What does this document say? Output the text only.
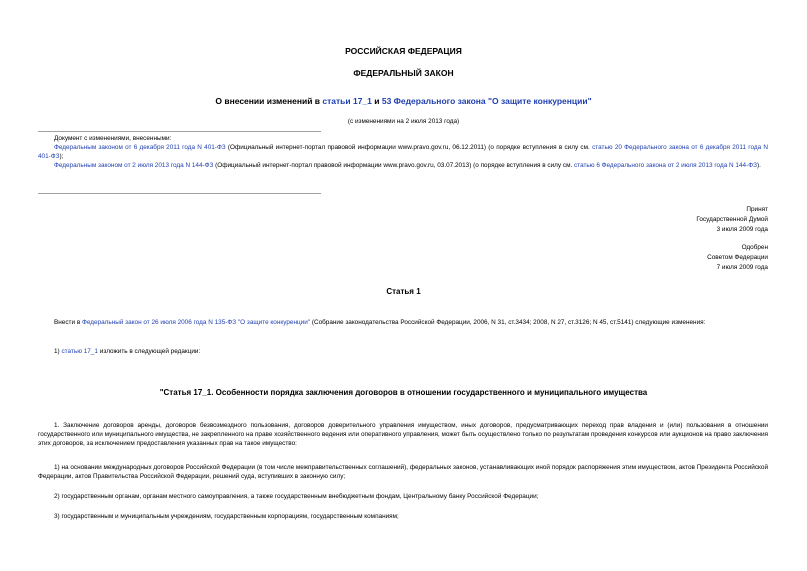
РОССИЙСКАЯ ФЕДЕРАЦИЯ
ФЕДЕРАЛЬНЫЙ ЗАКОН
О внесении изменений в статьи 17_1 и 53 Федерального закона "О защите конкуренции"
(с изменениями на 2 июля 2013 года)
Документ с изменениями, внесенными:
Федеральным законом от 6 декабря 2011 года N 401-ФЗ (Официальный интернет-портал правовой информации www.pravo.gov.ru, 06.12.2011) (о порядке вступления в силу см. статью 20 Федерального закона от 6 декабря 2011 года N 401-ФЗ);
Федеральным законом от 2 июля 2013 года N 144-ФЗ (Официальный интернет-портал правовой информации www.pravo.gov.ru, 03.07.2013) (о порядке вступления в силу см. статью 6 Федерального закона от 2 июля 2013 года N 144-ФЗ).
Принят
Государственной Думой
3 июля 2009 года
Одобрен
Советом Федерации
7 июля 2009 года
Статья 1
Внести в Федеральный закон от 26 июля 2006 года N 135-ФЗ "О защите конкуренции" (Собрание законодательства Российской Федерации, 2006, N 31, ст.3434; 2008, N 27, ст.3126; N 45, ст.5141) следующие изменения:
1) статью 17_1 изложить в следующей редакции:
"Статья 17_1. Особенности порядка заключения договоров в отношении государственного и муниципального имущества
1. Заключение договоров аренды, договоров безвозмездного пользования, договоров доверительного управления имуществом, иных договоров, предусматривающих переход прав владения и (или) пользования в отношении государственного или муниципального имущества, не закрепленного на праве хозяйственного ведения или оперативного управления, может быть осуществлено только по результатам проведения конкурсов или аукционов на право заключения этих договоров, за исключением предоставления указанных прав на такое имущество:
1) на основании международных договоров Российской Федерации (в том числе межправительственных соглашений), федеральных законов, устанавливающих иной порядок распоряжения этим имуществом, актов Президента Российской Федерации, актов Правительства Российской Федерации, решений суда, вступивших в законную силу;
2) государственным органам, органам местного самоуправления, а также государственным внебюджетным фондам, Центральному банку Российской Федерации;
3) государственным и муниципальным учреждениям, государственным корпорациям, государственным компаниям;
